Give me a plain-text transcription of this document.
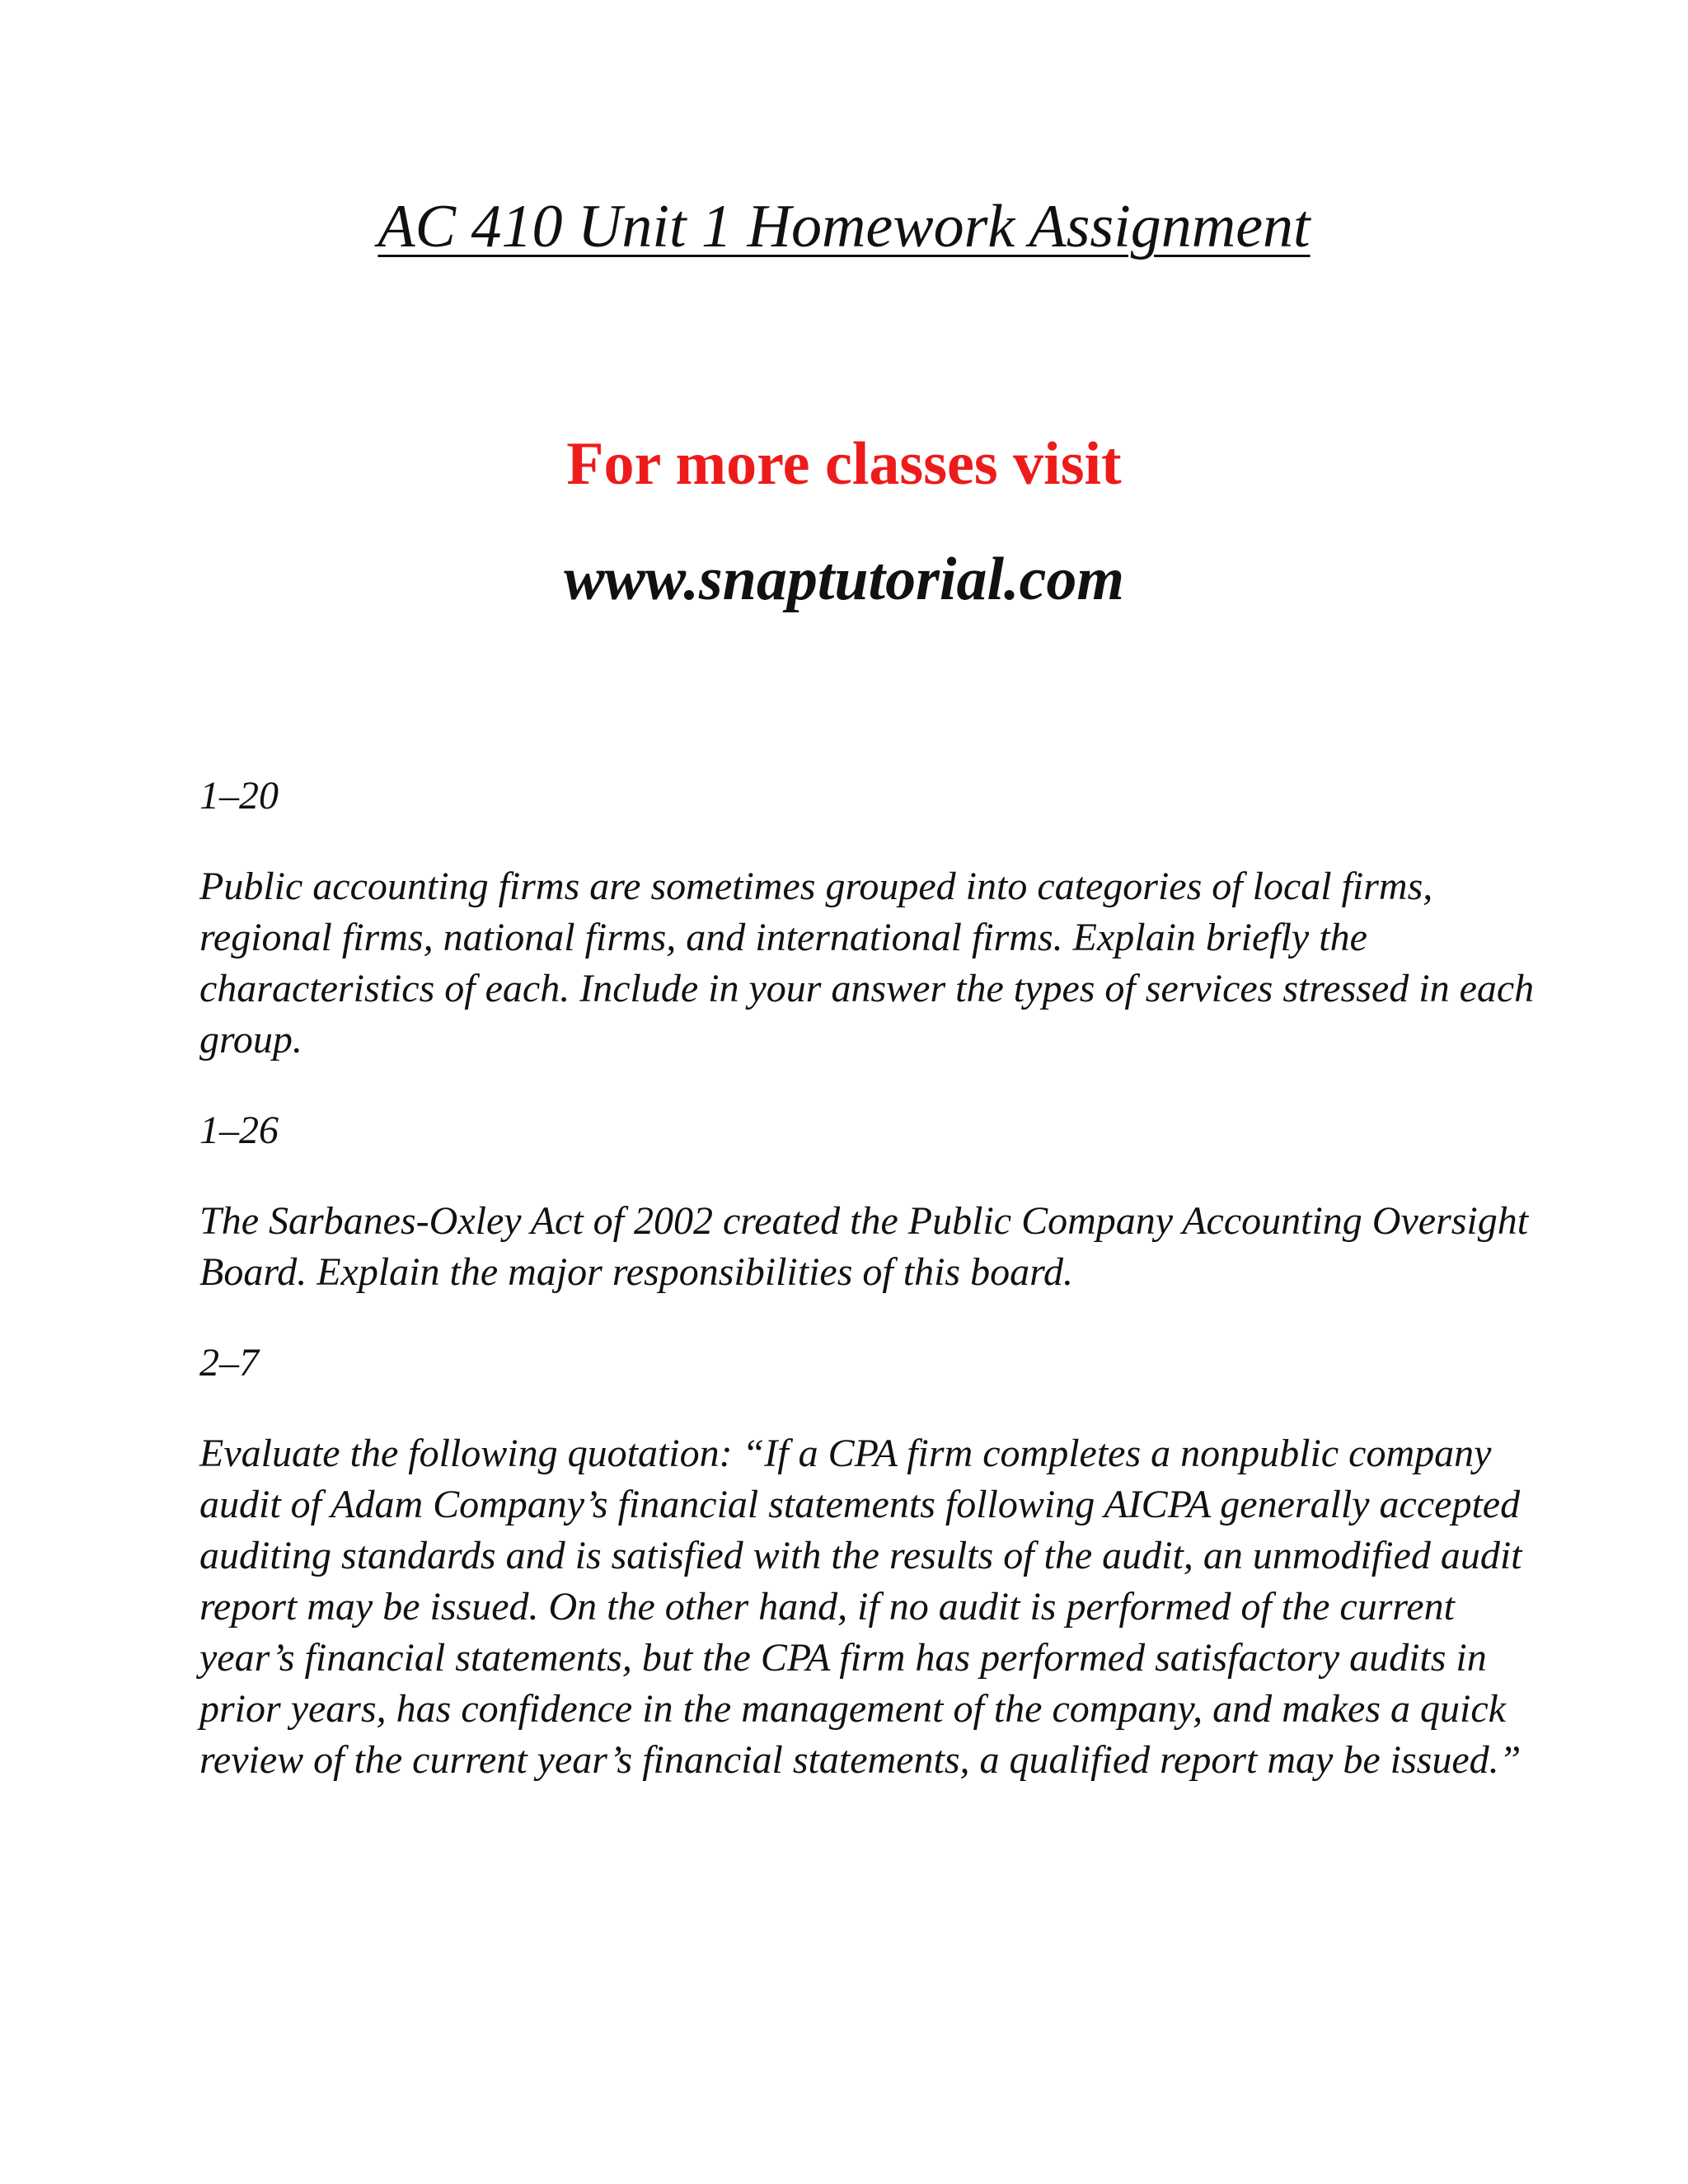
AC 410 Unit 1 Homework Assignment
For more classes visit
www.snaptutorial.com

1–20

Public accounting firms are sometimes grouped into categories of local firms, regional firms, national firms, and international firms. Explain briefly the characteristics of each. Include in your answer the types of services stressed in each group.

1–26

The Sarbanes-Oxley Act of 2002 created the Public Company Accounting Oversight Board. Explain the major responsibilities of this board.

2–7

Evaluate the following quotation: “If a CPA firm completes a nonpublic company audit of Adam Company’s financial statements following AICPA generally accepted auditing standards and is satisfied with the results of the audit, an unmodified audit report may be issued. On the other hand, if no audit is performed of the current year’s financial statements, but the CPA firm has performed satisfactory audits in prior years, has confidence in the management of the company, and makes a quick review of the current year’s financial statements, a qualified report may be issued.”
